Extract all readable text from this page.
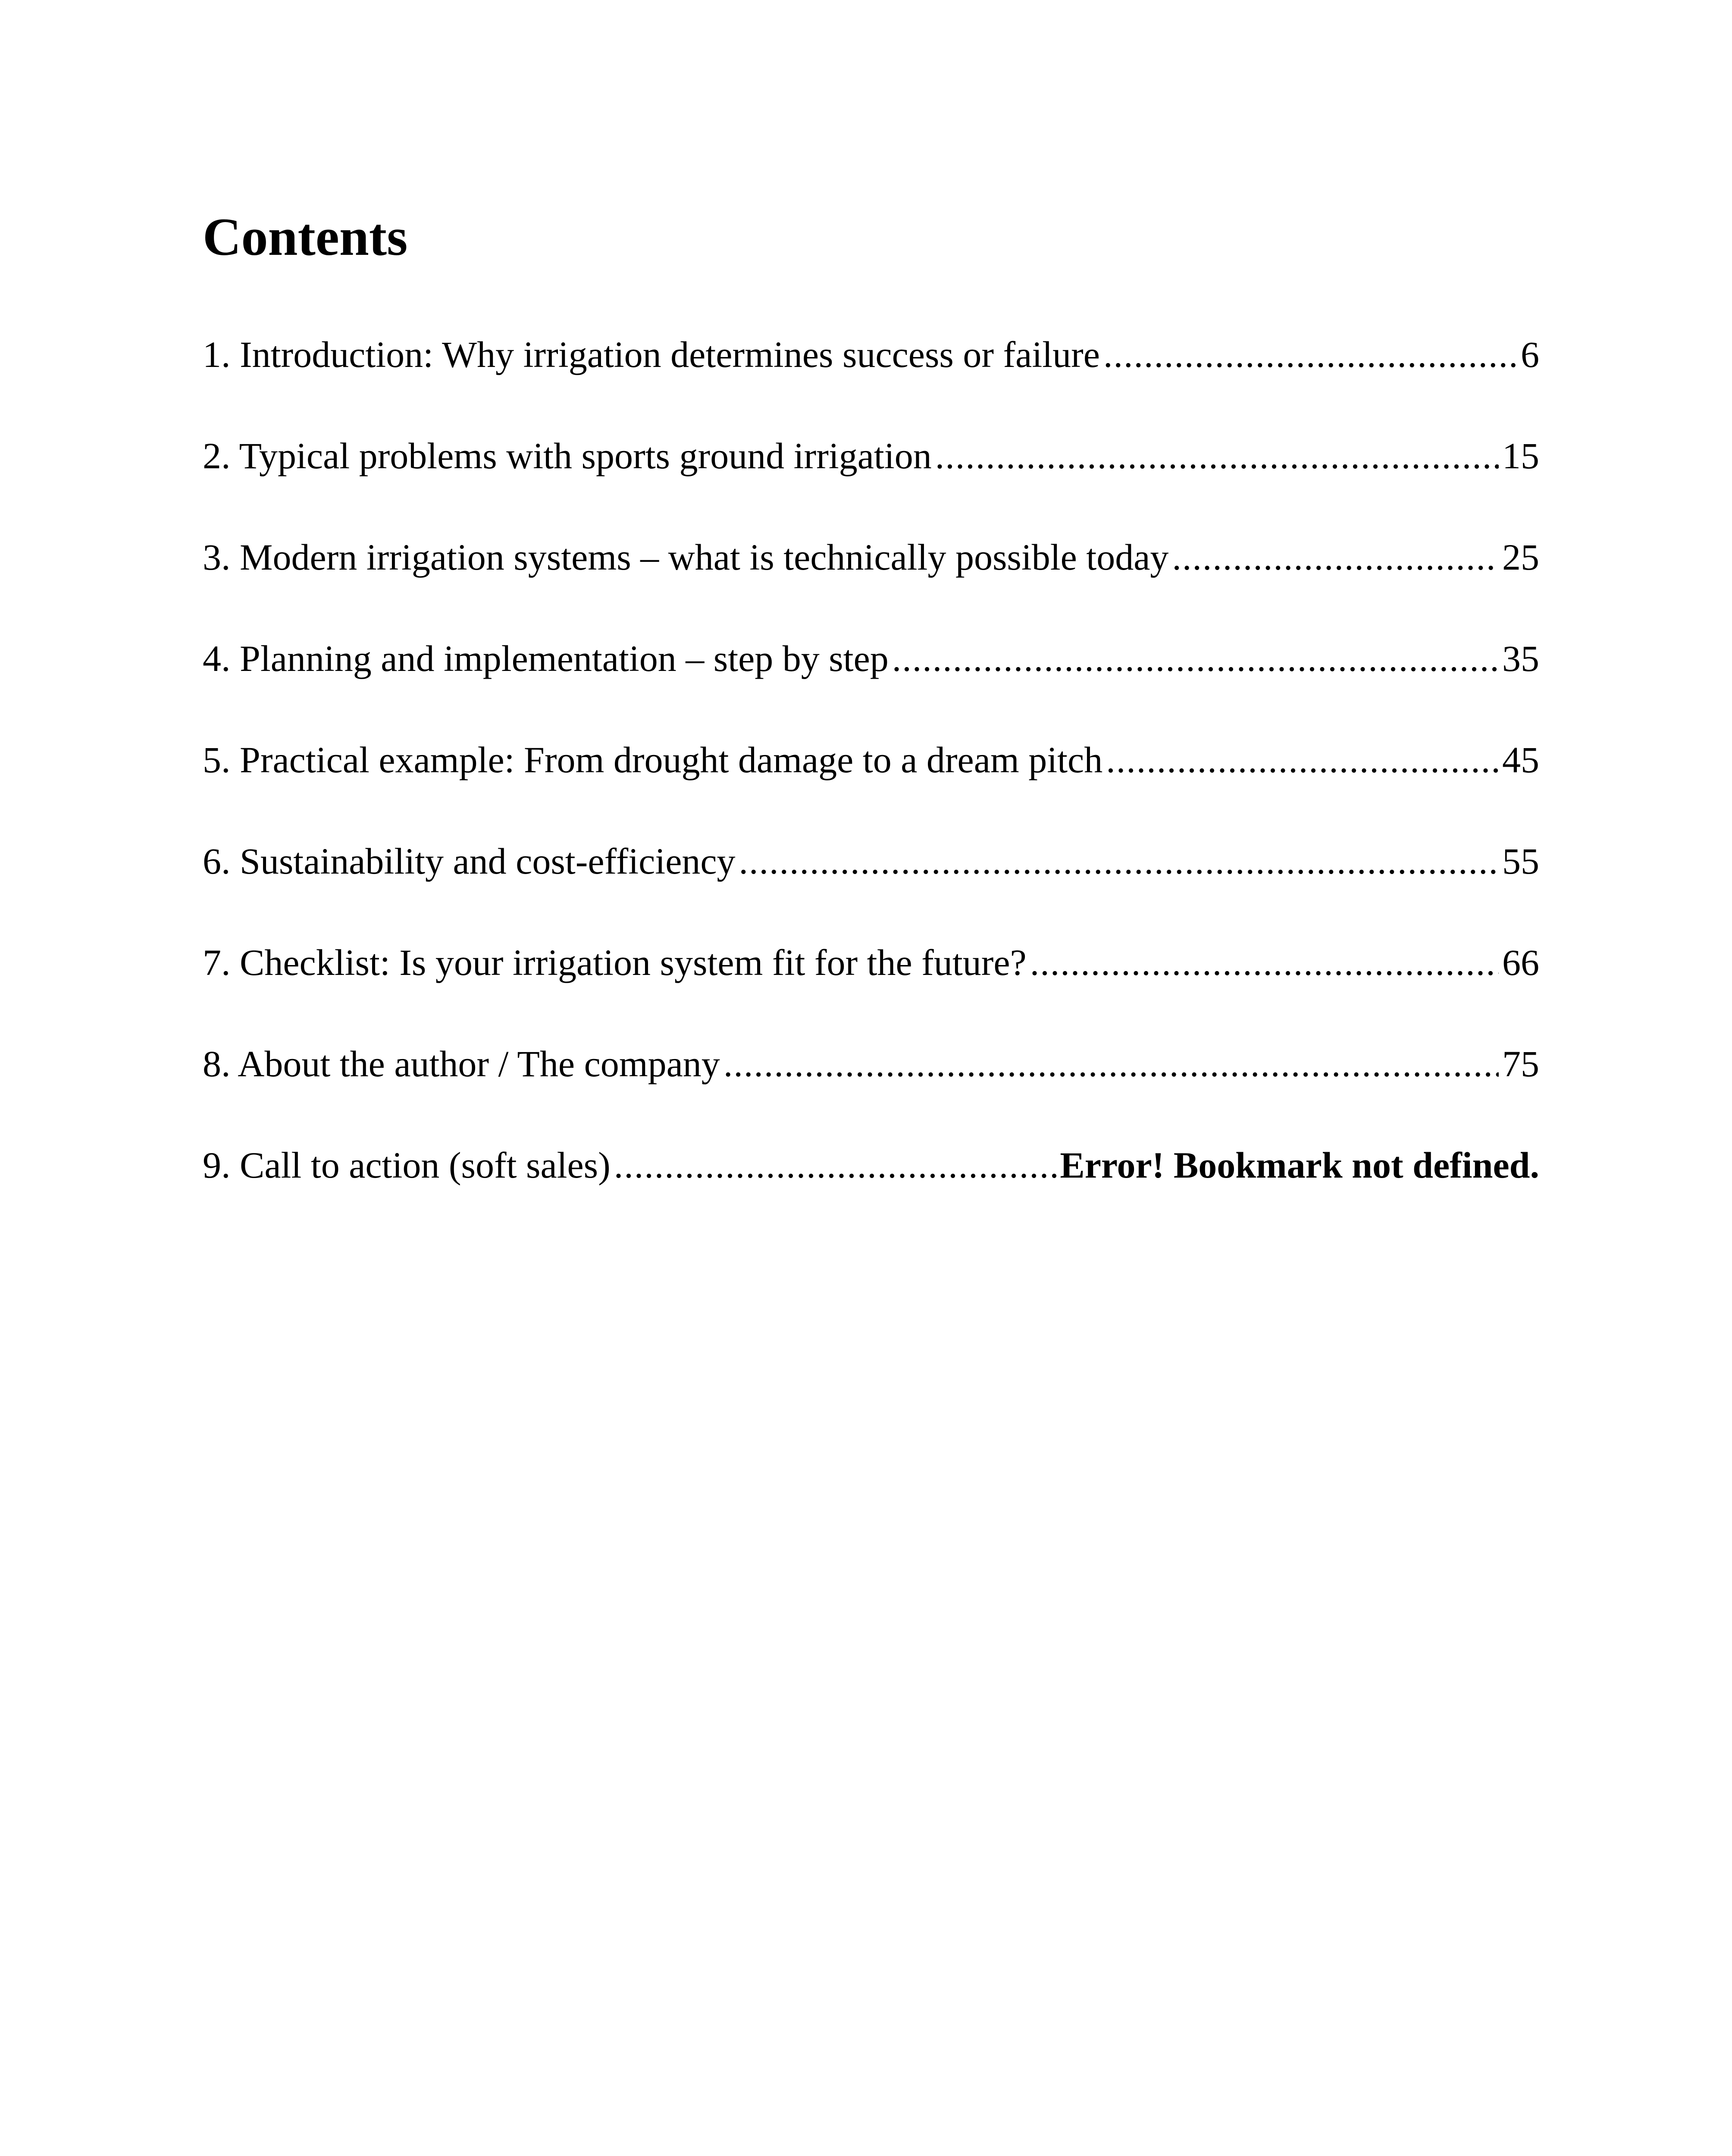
Contents
1. Introduction: Why irrigation determines success or failure .....	6
2. Typical problems with sports ground irrigation .....	15
3. Modern irrigation systems – what is technically possible today .....	25
4. Planning and implementation – step by step .....	35
5. Practical example: From drought damage to a dream pitch .....	45
6. Sustainability and cost-efficiency .....	55
7. Checklist: Is your irrigation system fit for the future? .....	66
8. About the author / The company .....	75
9. Call to action (soft sales) .....	Error! Bookmark not defined.
